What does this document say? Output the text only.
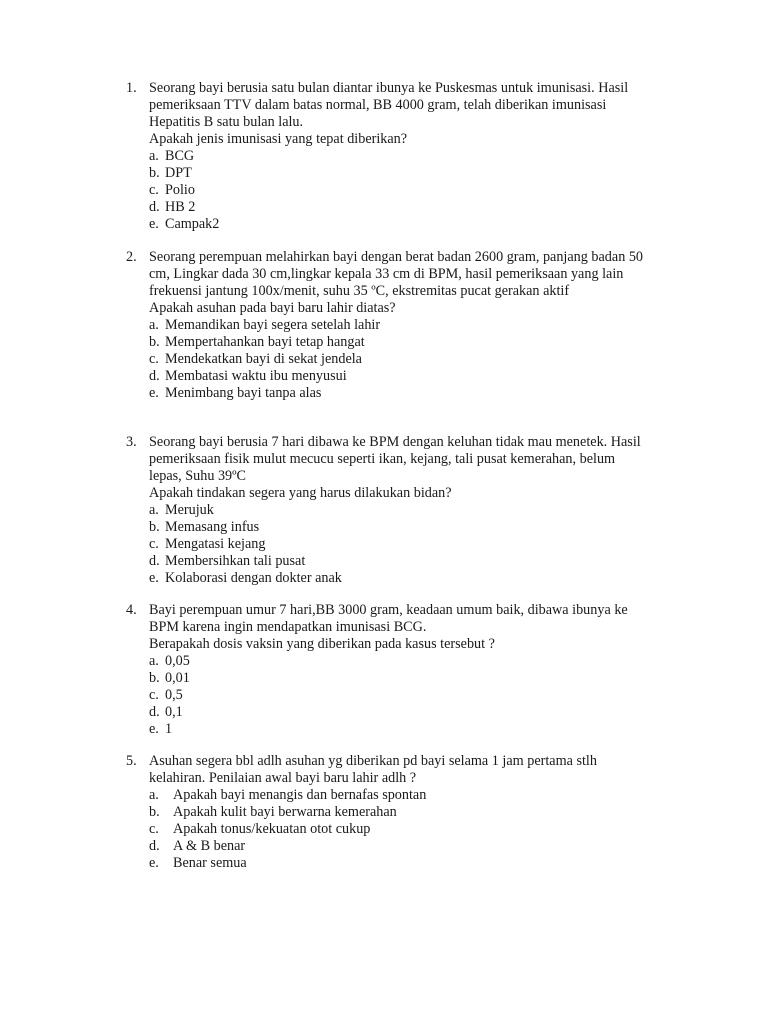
1. Seorang bayi berusia satu bulan diantar ibunya ke Puskesmas untuk imunisasi. Hasil
pemeriksaan TTV dalam batas normal, BB 4000 gram, telah diberikan imunisasi
Hepatitis B satu bulan lalu.
Apakah jenis imunisasi yang tepat diberikan?
a. BCG
b. DPT
c. Polio
d. HB 2
e. Campak2
2. Seorang perempuan melahirkan bayi dengan berat badan 2600 gram, panjang badan 50
cm, Lingkar dada 30 cm,lingkar kepala 33 cm di BPM, hasil pemeriksaan yang lain
frekuensi jantung 100x/menit, suhu 35 ºC, ekstremitas pucat gerakan aktif
Apakah asuhan pada bayi baru lahir diatas?
a. Memandikan bayi segera setelah lahir
b. Mempertahankan bayi tetap hangat
c. Mendekatkan bayi di sekat jendela
d. Membatasi waktu ibu menyusui
e. Menimbang bayi tanpa alas
3. Seorang bayi berusia 7 hari dibawa ke BPM dengan keluhan tidak mau menetek. Hasil
pemeriksaan fisik mulut mecucu seperti ikan, kejang, tali pusat kemerahan, belum
lepas, Suhu 39ºC
Apakah tindakan segera yang harus dilakukan bidan?
a. Merujuk
b. Memasang infus
c. Mengatasi kejang
d. Membersihkan tali pusat
e. Kolaborasi dengan dokter anak
4. Bayi perempuan umur 7 hari,BB 3000 gram, keadaan umum baik, dibawa ibunya ke
BPM karena ingin mendapatkan imunisasi BCG.
Berapakah dosis vaksin yang diberikan pada kasus tersebut ?
a. 0,05
b. 0,01
c. 0,5
d. 0,1
e. 1
5. Asuhan segera bbl adlh asuhan yg diberikan pd bayi selama 1 jam pertama stlh
kelahiran. Penilaian awal bayi baru lahir adlh ?
a. Apakah bayi menangis dan bernafas spontan
b. Apakah kulit bayi berwarna kemerahan
c. Apakah tonus/kekuatan otot cukup
d. A & B benar
e. Benar semua
